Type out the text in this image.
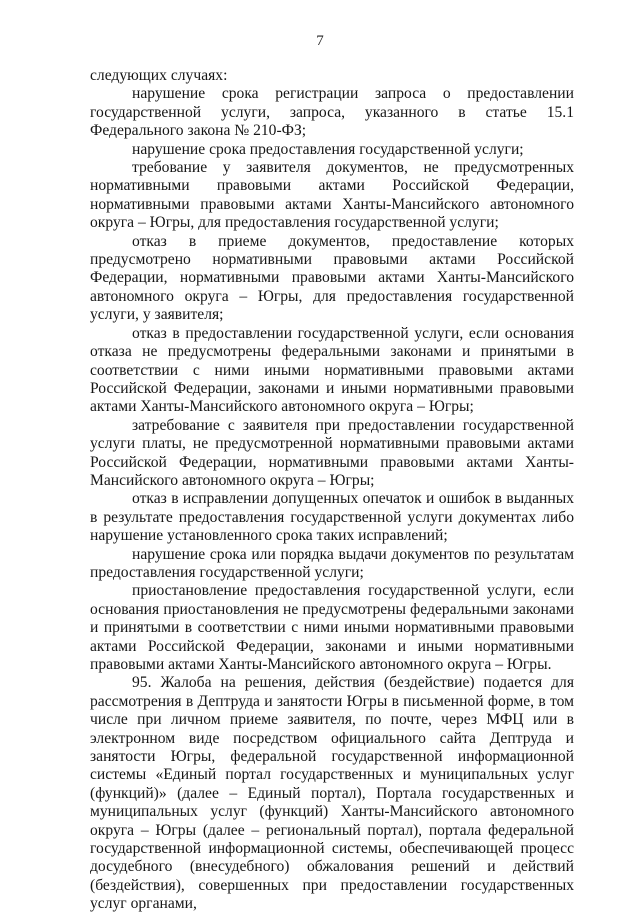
7

следующих случаях:

нарушение срока регистрации запроса о предоставлении государственной услуги, запроса, указанного в статье 15.1 Федерального закона № 210-ФЗ;

нарушение срока предоставления государственной услуги;

требование у заявителя документов, не предусмотренных нормативными правовыми актами Российской Федерации, нормативными правовыми актами Ханты-Мансийского автономного округа – Югры, для предоставления государственной услуги;

отказ в приеме документов, предоставление которых предусмотрено нормативными правовыми актами Российской Федерации, нормативными правовыми актами Ханты-Мансийского автономного округа – Югры, для предоставления государственной услуги, у заявителя;

отказ в предоставлении государственной услуги, если основания отказа не предусмотрены федеральными законами и принятыми в соответствии с ними иными нормативными правовыми актами Российской Федерации, законами и иными нормативными правовыми актами Ханты-Мансийского автономного округа – Югры;

затребование с заявителя при предоставлении государственной услуги платы, не предусмотренной нормативными правовыми актами Российской Федерации, нормативными правовыми актами Ханты-Мансийского автономного округа – Югры;

отказ в исправлении допущенных опечаток и ошибок в выданных в результате предоставления государственной услуги документах либо нарушение установленного срока таких исправлений;

нарушение срока или порядка выдачи документов по результатам предоставления государственной услуги;

приостановление предоставления государственной услуги, если основания приостановления не предусмотрены федеральными законами и принятыми в соответствии с ними иными нормативными правовыми актами Российской Федерации, законами и иными нормативными правовыми актами Ханты-Мансийского автономного округа – Югры.

95. Жалоба на решения, действия (бездействие) подается для рассмотрения в Дептруда и занятости Югры в письменной форме, в том числе при личном приеме заявителя, по почте, через МФЦ или в электронном виде посредством официального сайта Дептруда и занятости Югры, федеральной государственной информационной системы «Единый портал государственных и муниципальных услуг (функций)» (далее – Единый портал), Портала государственных и муниципальных услуг (функций) Ханты-Мансийского автономного округа – Югры (далее – региональный портал), портала федеральной государственной информационной системы, обеспечивающей процесс досудебного (внесудебного) обжалования решений и действий (бездействия), совершенных при предоставлении государственных услуг органами,
